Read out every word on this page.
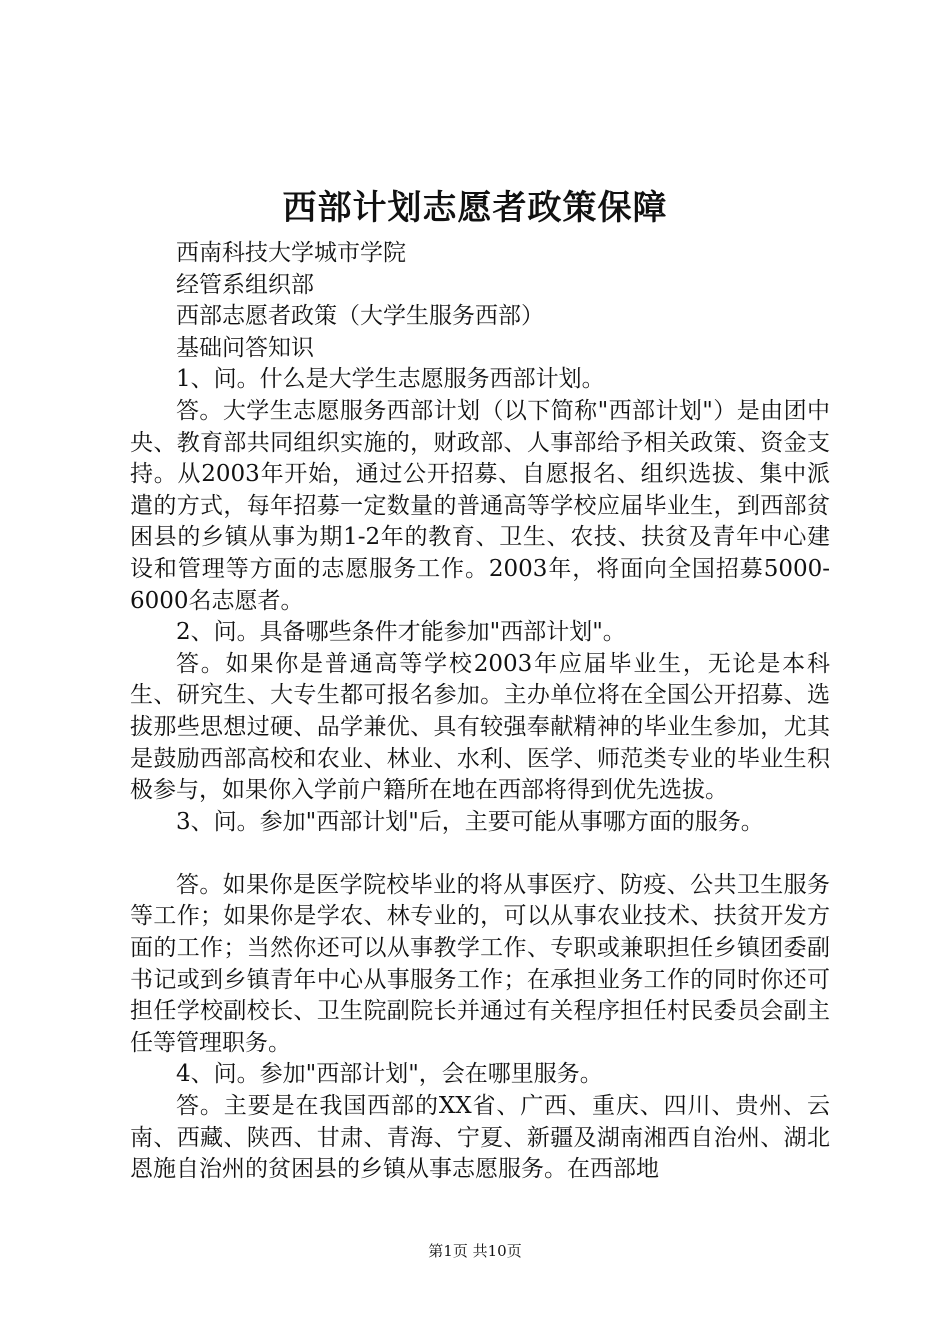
西部计划志愿者政策保障

西南科技大学城市学院

经管系组织部

西部志愿者政策（大学生服务西部）

基础问答知识

1、问。什么是大学生志愿服务西部计划。

答。大学生志愿服务西部计划（以下简称"西部计划"）是由团中央、教育部共同组织实施的，财政部、人事部给予相关政策、资金支持。从2003年开始，通过公开招募、自愿报名、组织选拔、集中派遣的方式，每年招募一定数量的普通高等学校应届毕业生，到西部贫困县的乡镇从事为期1-2年的教育、卫生、农技、扶贫及青年中心建设和管理等方面的志愿服务工作。2003年，将面向全国招募5000-6000名志愿者。

2、问。具备哪些条件才能参加"西部计划"。

答。如果你是普通高等学校2003年应届毕业生，无论是本科生、研究生、大专生都可报名参加。主办单位将在全国公开招募、选拔那些思想过硬、品学兼优、具有较强奉献精神的毕业生参加，尤其是鼓励西部高校和农业、林业、水利、医学、师范类专业的毕业生积极参与，如果你入学前户籍所在地在西部将得到优先选拔。

3、问。参加"西部计划"后，主要可能从事哪方面的服务。

答。如果你是医学院校毕业的将从事医疗、防疫、公共卫生服务等工作；如果你是学农、林专业的，可以从事农业技术、扶贫开发方面的工作；当然你还可以从事教学工作、专职或兼职担任乡镇团委副书记或到乡镇青年中心从事服务工作；在承担业务工作的同时你还可担任学校副校长、卫生院副院长并通过有关程序担任村民委员会副主任等管理职务。

4、问。参加"西部计划"，会在哪里服务。

答。主要是在我国西部的XX省、广西、重庆、四川、贵州、云南、西藏、陕西、甘肃、青海、宁夏、新疆及湖南湘西自治州、湖北恩施自治州的贫困县的乡镇从事志愿服务。在西部地

第1页 共10页
